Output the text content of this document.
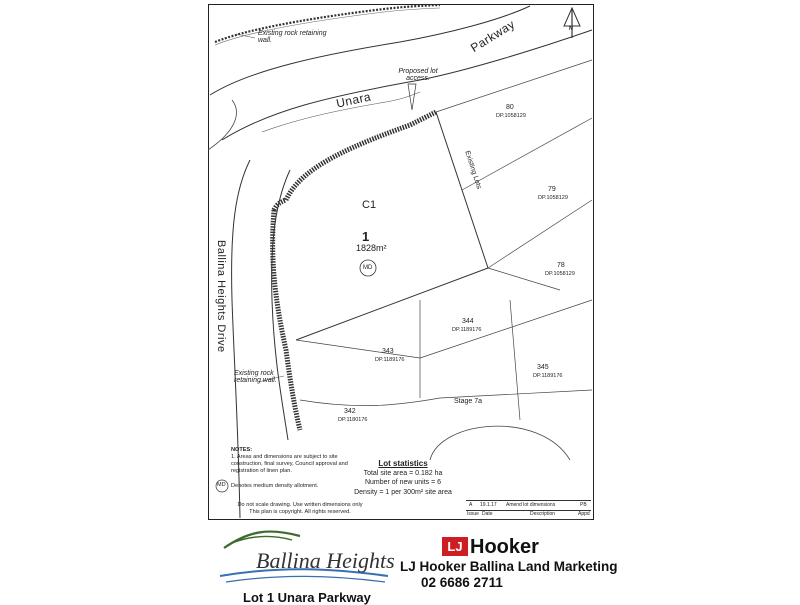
Unara
Parkway
Ballina Heights Drive
Existing rock retaining wall.
Proposed lot access.
Existing rock retaining wall.
Existing Lots
Stage 7a
C1
1
1828m²
MD
80
DP.1058129
79
DP.1058129
78
DP.1058129
344
DP.1189176
343
DP.1189176
345
DP.1189176
342
DP.1180176
N
NOTES:
1. Areas and dimensions are subject to site construction, final survey, Council approval and registration of linen plan.
MD Denotes medium density allotment.
Lot statistics
Total site area = 0.182 ha
Number of new units = 6
Density = 1 per 300m² site area
Do not scale drawing. Use written dimensions only
This plan is copyright. All rights reserved.
A 19.1.17 Amend lot dimensions	PB
Issue Date	Description	Appd
Ballina Heights
LJ Hooker
LJ Hooker Ballina Land Marketing
02 6686 2711
Lot 1 Unara Parkway
